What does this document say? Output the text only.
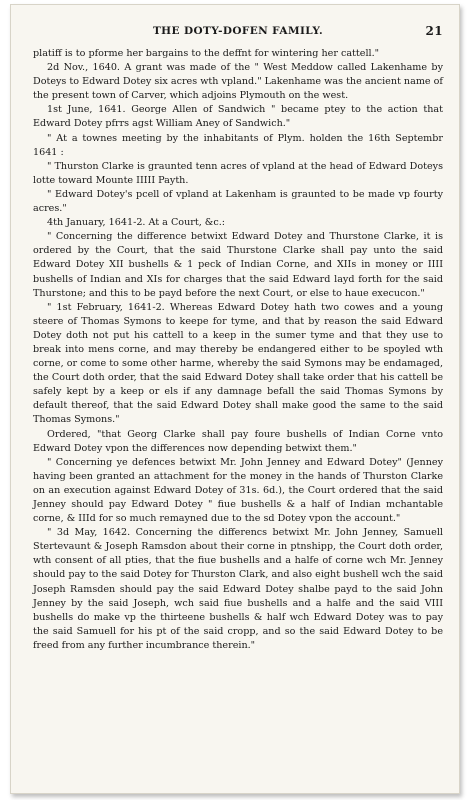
THE DOTY-DOFEN FAMILY.	21

platiff is to pforme her bargains to the deffnt for wintering her cattell."

2d Nov., 1640. A grant was made of the " West Meddow called Lakenhame by Doteys to Edward Dotey six acres wth vpland." Lakenhame was the ancient name of the present town of Carver, which adjoins Plymouth on the west.

1st June, 1641. George Allen of Sandwich " became ptey to the action that Edward Dotey pfrrs agst William Aney of Sandwich."

" At a townes meeting by the inhabitants of Plym. holden the 16th Septembr 1641 :

" Thurston Clarke is graunted tenn acres of vpland at the head of Edward Doteys lotte toward Mounte IIIII Payth.

" Edward Dotey's pcell of vpland at Lakenham is graunted to be made vp fourty acres."

4th January, 1641-2. At a Court, &c.:

" Concerning the difference betwixt Edward Dotey and Thurstone Clarke, it is ordered by the Court, that the said Thurstone Clarke shall pay unto the said Edward Dotey XII bushells & 1 peck of Indian Corne, and XIIs in money or IIII bushells of Indian and XIs for charges that the said Edward layd forth for the said Thurstone; and this to be payd before the next Court, or else to haue execucon."

" 1st February, 1641-2. Whereas Edward Dotey hath two cowes and a young steere of Thomas Symons to keepe for tyme, and that by reason the said Edward Dotey doth not put his cattell to a keep in the sumer tyme and that they use to break into mens corne, and may thereby be endangered either to be spoyled wth corne, or come to some other harme, whereby the said Symons may be endamaged, the Court doth order, that the said Edward Dotey shall take order that his cattell be safely kept by a keep or els if any damnage befall the said Thomas Symons by default thereof, that the said Edward Dotey shall make good the same to the said Thomas Symons."

Ordered, "that Georg Clarke shall pay foure bushells of Indian Corne vnto Edward Dotey vpon the differences now depending betwixt them."

" Concerning ye defences betwixt Mr. John Jenney and Edward Dotey" (Jenney having been granted an attachment for the money in the hands of Thurston Clarke on an execution against Edward Dotey of 31s. 6d.), the Court ordered that the said Jenney should pay Edward Dotey " fiue bushells & a half of Indian mchantable corne, & IIId for so much remayned due to the sd Dotey vpon the account."

" 3d May, 1642. Concerning the differencs betwixt Mr. John Jenney, Samuell Stertevaunt & Joseph Ramsdon about their corne in ptnshipp, the Court doth order, wth consent of all pties, that the fiue bushells and a halfe of corne wch Mr. Jenney should pay to the said Dotey for Thurston Clark, and also eight bushell wch the said Joseph Ramsden should pay the said Edward Dotey shalbe payd to the said John Jenney by the said Joseph, wch said fiue bushells and a halfe and the said VIII bushells do make vp the thirteene bushells & half wch Edward Dotey was to pay the said Samuell for his pt of the said cropp, and so the said Edward Dotey to be freed from any further incumbrance therein."
